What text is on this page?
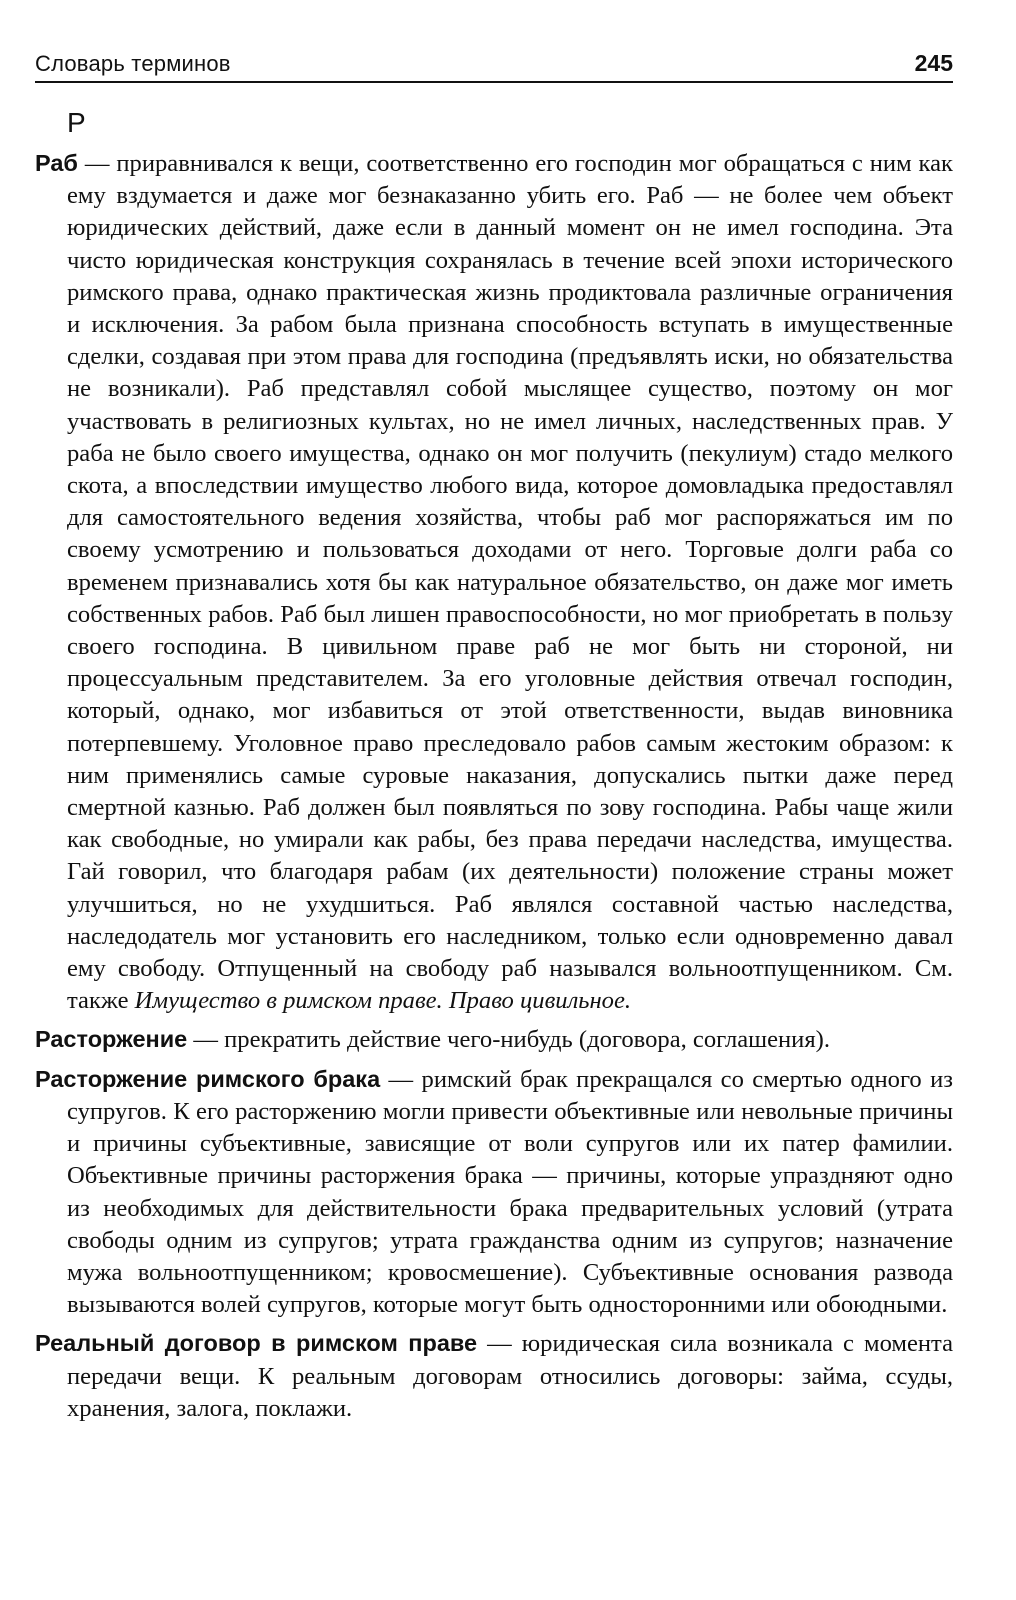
Словарь терминов	245
Р

Раб — приравнивался к вещи, соответственно его господин мог обращаться с ним как ему вздумается и даже мог безнаказанно убить его. Раб — не более чем объект юридических действий, даже если в данный момент он не имел господина. Эта чисто юридическая конструкция сохранялась в течение всей эпохи исторического римского права, однако практическая жизнь продиктовала различные ограничения и исключения. За рабом была признана способность вступать в имущественные сделки, создавая при этом права для господина (предъявлять иски, но обязательства не возникали). Раб представлял собой мыслящее существо, поэтому он мог участвовать в религиозных культах, но не имел личных, наследственных прав. У раба не было своего имущества, однако он мог получить (пекулиум) стадо мелкого скота, а впоследствии имущество любого вида, которое домовладыка предоставлял для самостоятельного ведения хозяйства, чтобы раб мог распоряжаться им по своему усмотрению и пользоваться доходами от него. Торговые долги раба со временем признавались хотя бы как натуральное обязательство, он даже мог иметь собственных рабов. Раб был лишен правоспособности, но мог приобретать в пользу своего господина. В цивильном праве раб не мог быть ни стороной, ни процессуальным представителем. За его уголовные действия отвечал господин, который, однако, мог избавиться от этой ответственности, выдав виновника потерпевшему. Уголовное право преследовало рабов самым жестоким образом: к ним применялись самые суровые наказания, допускались пытки даже перед смертной казнью. Раб должен был появляться по зову господина. Рабы чаще жили как свободные, но умирали как рабы, без права передачи наследства, имущества. Гай говорил, что благодаря рабам (их деятельности) положение страны может улучшиться, но не ухудшиться. Раб являлся составной частью наследства, наследодатель мог установить его наследником, только если одновременно давал ему свободу. Отпущенный на свободу раб назывался вольноотпущенником. См. также Имущество в римском праве. Право цивильное.

Расторжение — прекратить действие чего-нибудь (договора, соглашения).

Расторжение римского брака — римский брак прекращался со смертью одного из супругов. К его расторжению могли привести объективные или невольные причины и причины субъективные, зависящие от воли супругов или их патер фамилии. Объективные причины расторжения брака — причины, которые упраздняют одно из необходимых для действительности брака предварительных условий (утрата свободы одним из супругов; утрата гражданства одним из супругов; назначение мужа вольноотпущенником; кровосмешение). Субъективные основания развода вызываются волей супругов, которые могут быть односторонними или обоюдными.

Реальный договор в римском праве — юридическая сила возникала с момента передачи вещи. К реальным договорам относились договоры: займа, ссуды, хранения, залога, поклажи.
